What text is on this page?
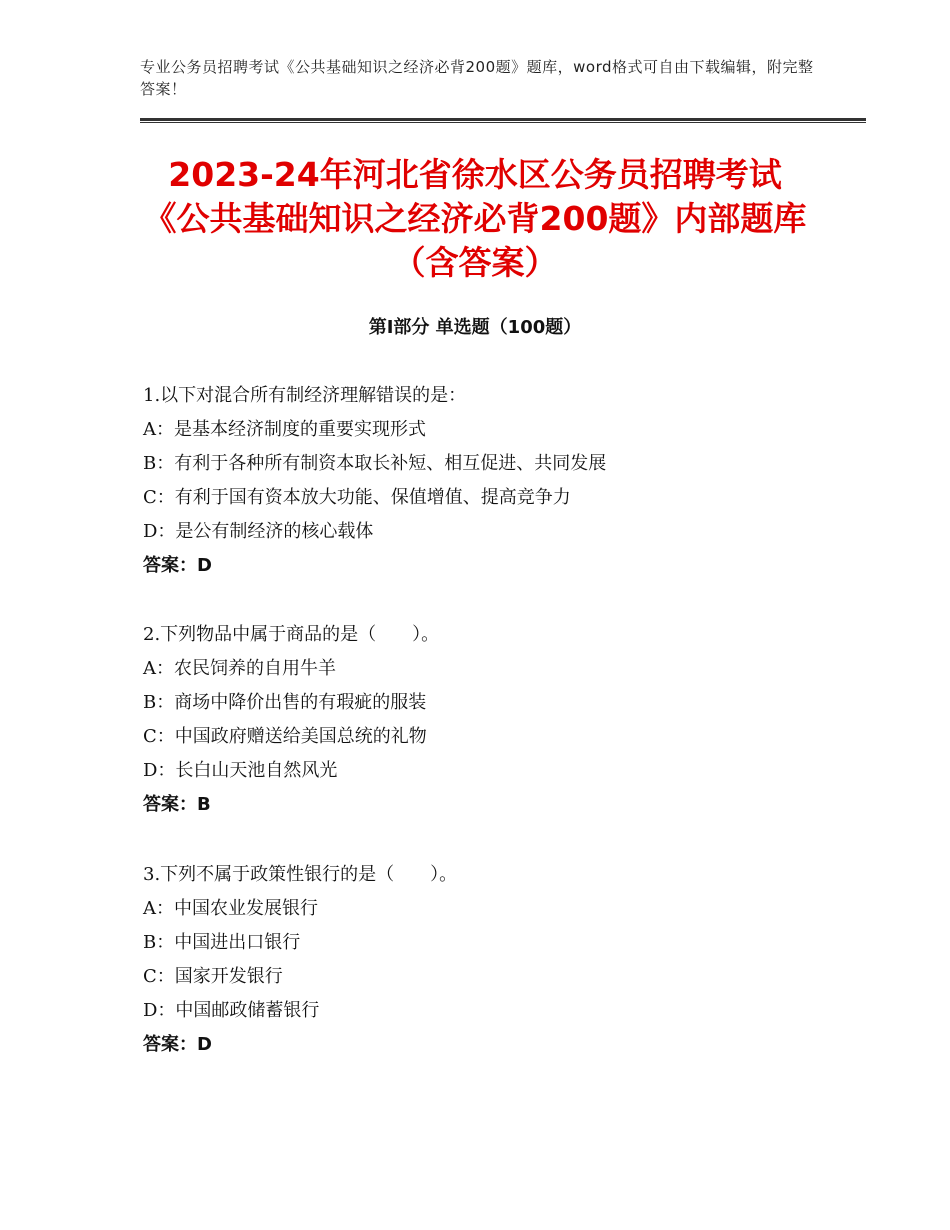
专业公务员招聘考试《公共基础知识之经济必背200题》题库，word格式可自由下载编辑，附完整答案！
2023-24年河北省徐水区公务员招聘考试《公共基础知识之经济必背200题》内部题库（含答案）
第I部分 单选题（100题）
1.以下对混合所有制经济理解错误的是：
A：是基本经济制度的重要实现形式
B：有利于各种所有制资本取长补短、相互促进、共同发展
C：有利于国有资本放大功能、保值增值、提高竞争力
D：是公有制经济的核心载体
答案：D
2.下列物品中属于商品的是（　　）。
A：农民饲养的自用牛羊
B：商场中降价出售的有瑕疵的服装
C：中国政府赠送给美国总统的礼物
D：长白山天池自然风光
答案：B
3.下列不属于政策性银行的是（　　）。
A：中国农业发展银行
B：中国进出口银行
C：国家开发银行
D：中国邮政储蓄银行
答案：D
